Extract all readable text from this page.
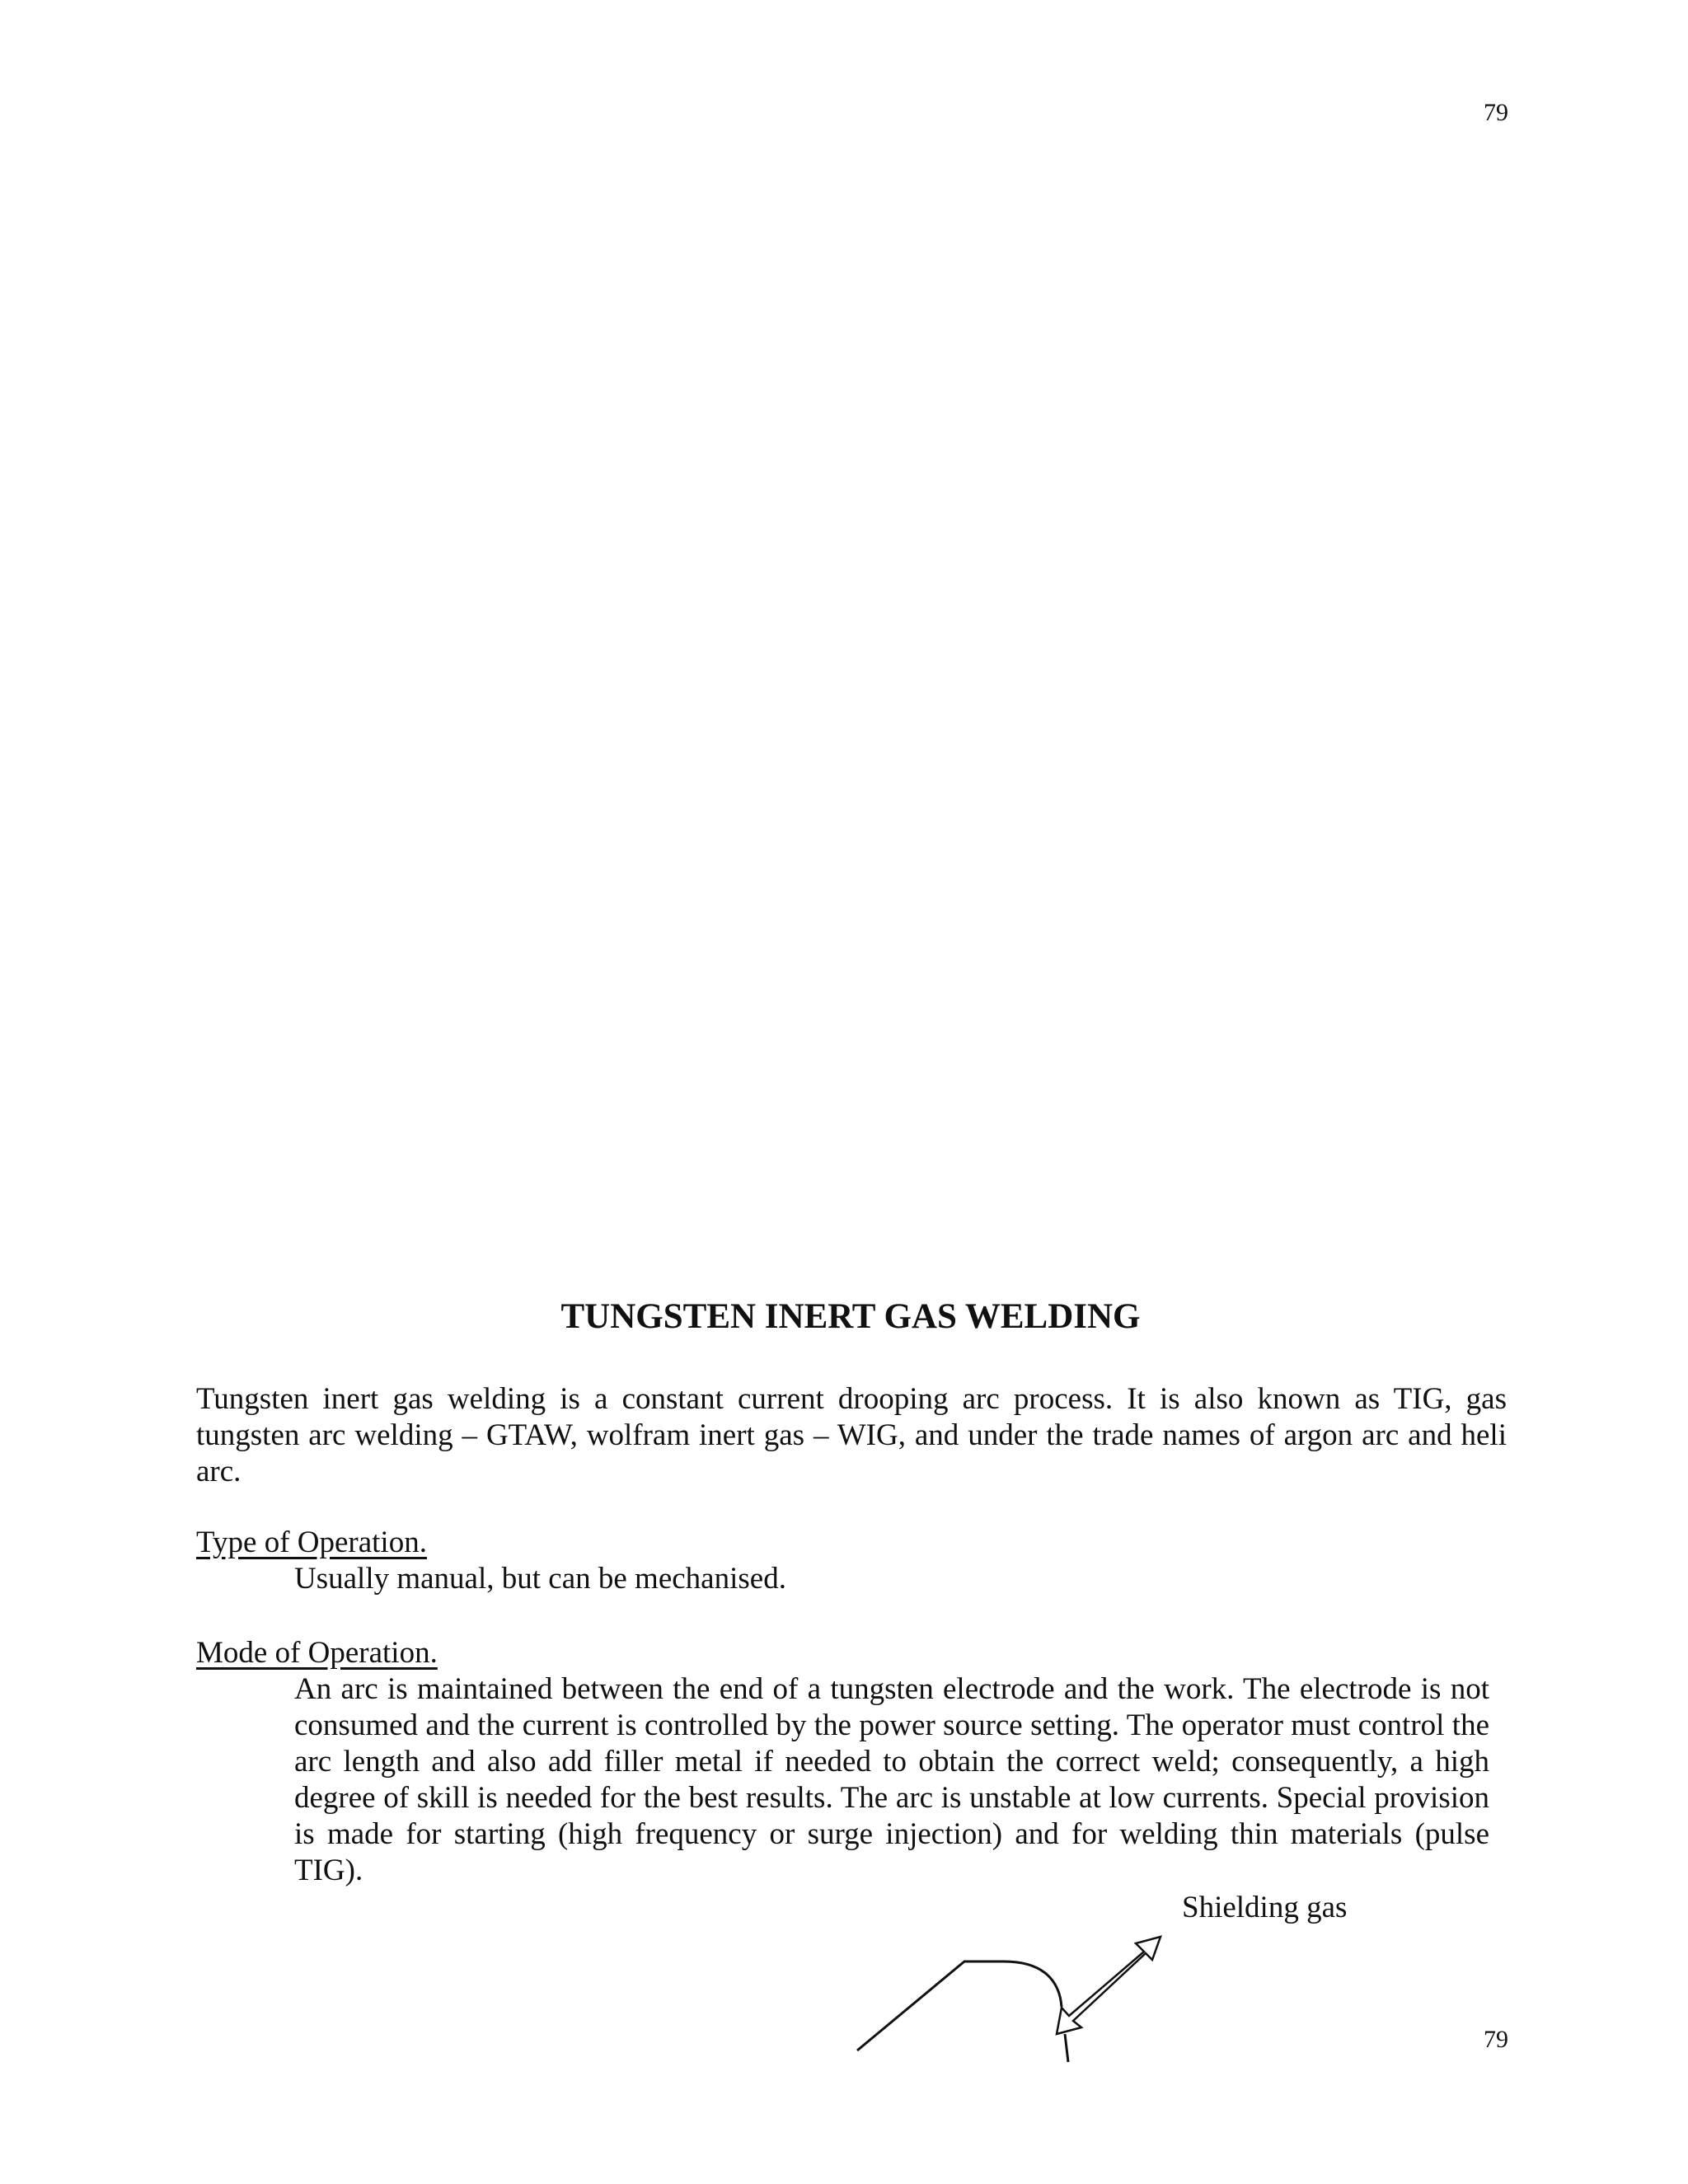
79
TUNGSTEN INERT GAS WELDING

Tungsten inert gas welding is a constant current drooping arc process. It is also known as TIG, gas tungsten arc welding – GTAW, wolfram inert gas – WIG, and under the trade names of argon arc and heli arc.

Type of Operation.

Usually manual, but can be mechanised.

Mode of Operation.

An arc is maintained between the end of a tungsten electrode and the work. The electrode is not consumed and the current is controlled by the power source setting. The operator must control the arc length and also add filler metal if needed to obtain the correct weld; consequently, a high degree of skill is needed for the best results. The arc is unstable at low currents. Special provision is made for starting (high frequency or surge injection) and for welding thin materials (pulse TIG).

Shielding gas
79
